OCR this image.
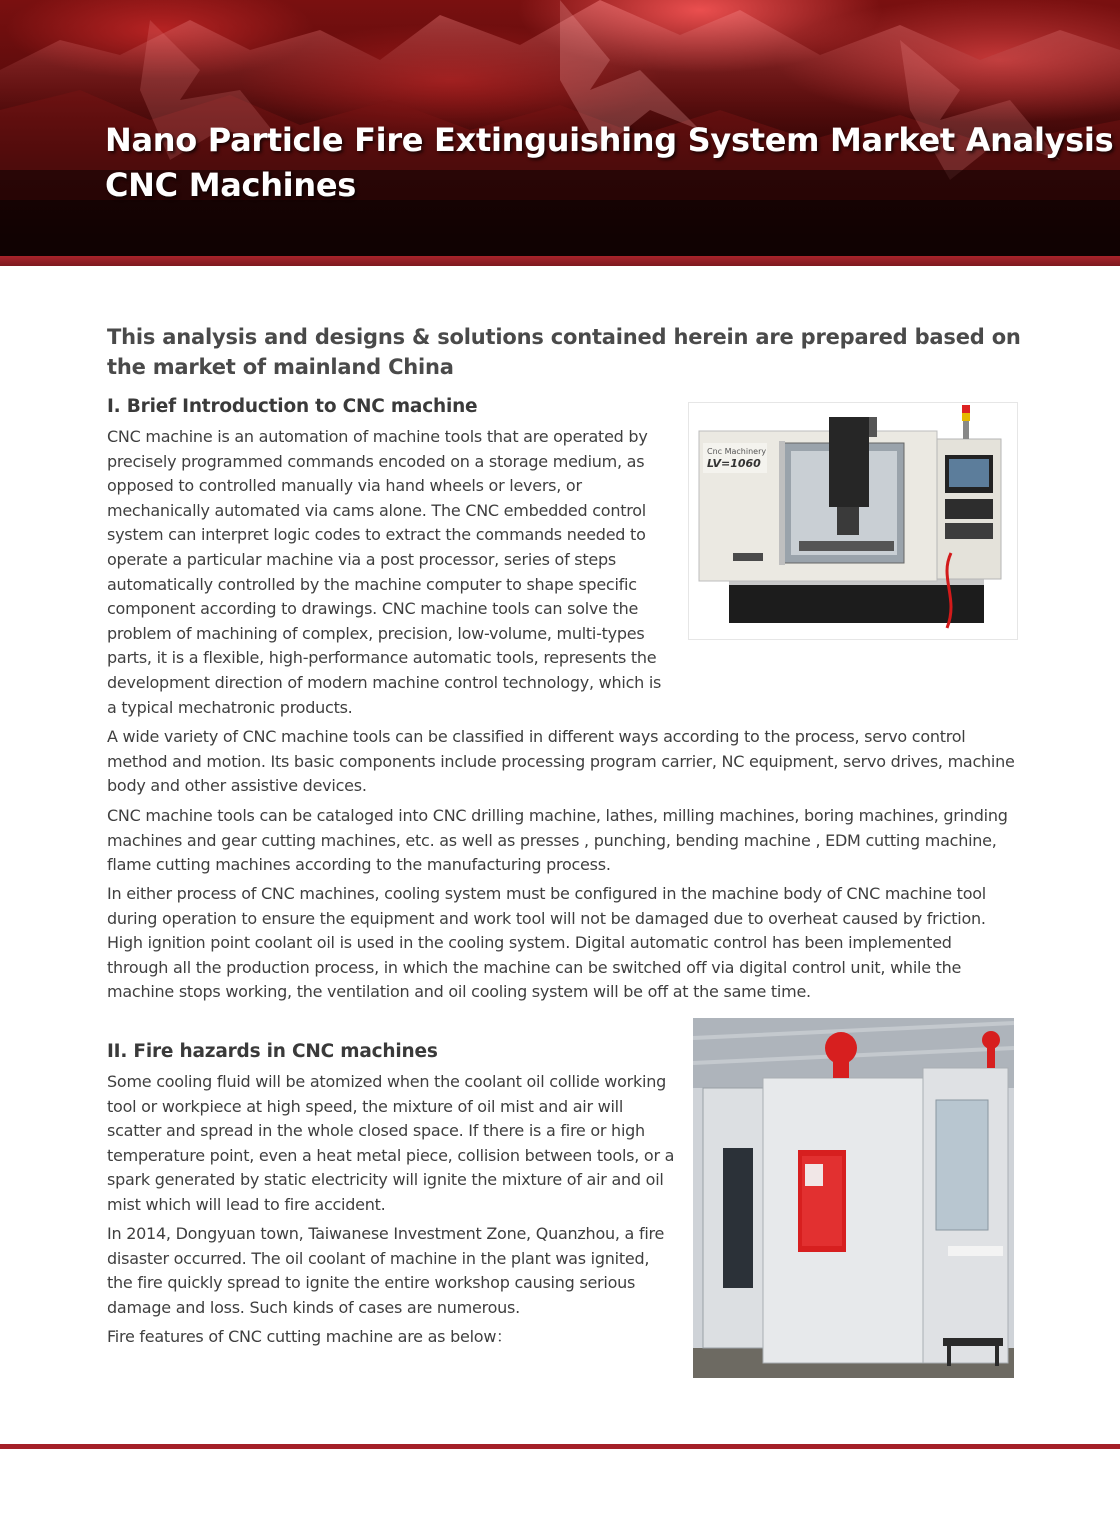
Nano Particle Fire Extinguishing System Market Analysis
CNC Machines

This analysis and designs & solutions contained herein are prepared based on the market of mainland China

I. Brief Introduction to CNC machine

CNC machine is an automation of machine tools that are operated by precisely programmed commands encoded on a storage medium, as opposed to controlled manually via hand wheels or levers, or mechanically automated via cams alone. The CNC embedded control system can interpret logic codes to extract the commands needed to operate a particular machine via a post processor, series of steps automatically controlled by the machine computer to shape specific component according to drawings. CNC machine tools can solve the problem of machining of complex, precision, low-volume, multi-types parts, it is a flexible, high-performance automatic tools, represents the development direction of modern machine control technology, which is a typical mechatronic products.

Cnc Machinery
LV=1060

A wide variety of CNC machine tools can be classified in different ways according to the process, servo control method and motion. Its basic components include processing program carrier, NC equipment, servo drives, machine body and other assistive devices.

CNC machine tools can be cataloged into CNC drilling machine, lathes, milling machines, boring machines, grinding machines and gear cutting machines, etc. as well as presses , punching, bending machine , EDM cutting machine, flame cutting machines according to the manufacturing process.

In either process of CNC machines, cooling system must be configured in the machine body of CNC machine tool during operation to ensure the equipment and work tool will not be damaged due to overheat caused by friction. High ignition point coolant oil is used in the cooling system. Digital automatic control has been implemented through all the production process, in which the machine can be switched off via digital control unit, while the machine stops working, the ventilation and oil cooling system will be off at the same time.

II. Fire hazards in CNC machines

Some cooling fluid will be atomized when the coolant oil collide working tool or workpiece at high speed, the mixture of oil mist and air will scatter and spread in the whole closed space. If there is a fire or high temperature point, even a heat metal piece, collision between tools, or a spark generated by static electricity will ignite the mixture of air and oil mist which will lead to fire accident.

In 2014, Dongyuan town, Taiwanese Investment Zone, Quanzhou, a fire disaster occurred. The oil coolant of machine in the plant was ignited, the fire quickly spread to ignite the entire workshop causing serious damage and loss. Such kinds of cases are numerous.

Fire features of CNC cutting machine are as below：
